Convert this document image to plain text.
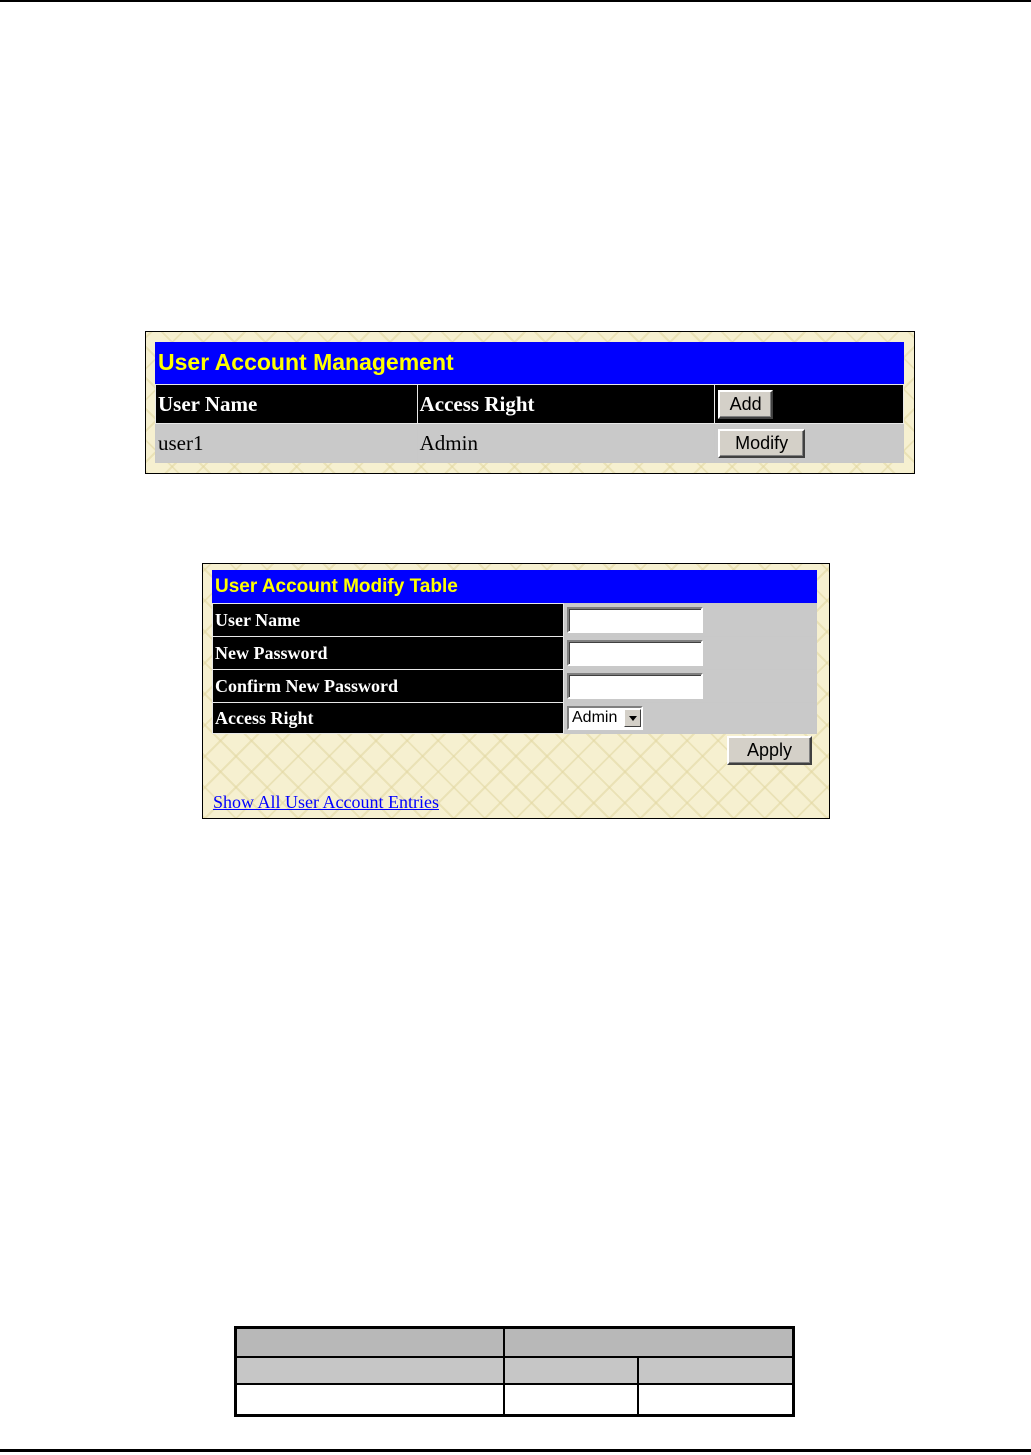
User Account Management
User Name	Access Right	Add
user1	Admin	Modify
User Account Modify Table
User Name	
New Password	
Confirm New Password	
Access Right	Admin
Apply
Show All User Account Entries
